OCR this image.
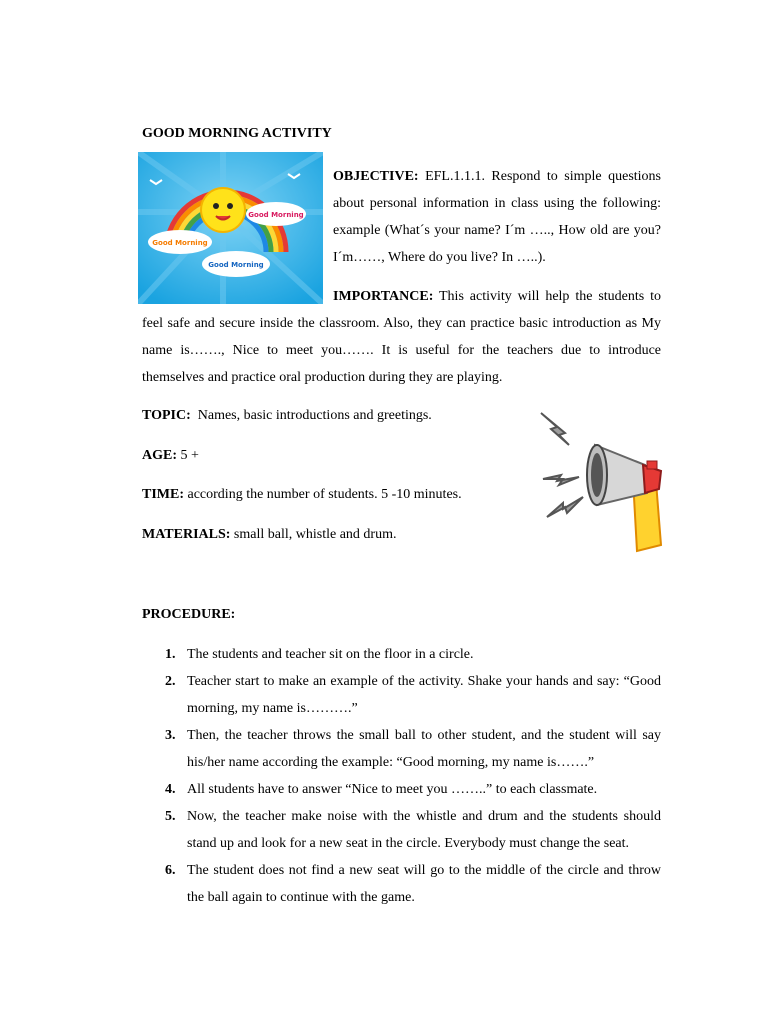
GOOD MORNING ACTIVITY
Good Morning
Good Morning
Good Morning
OBJECTIVE: EFL.1.1.1. Respond to simple questions about personal information in class using the following: example (What´s your name? I´m ….., How old are you? I´m……, Where do you live? In …..).
IMPORTANCE: This activity will help the students to feel safe and secure inside the classroom. Also, they can practice basic introduction as My name is……., Nice to meet you……. It is useful for the teachers due to introduce themselves and practice oral production during they are playing.
TOPIC:  Names, basic introductions and greetings.
AGE: 5 +
TIME: according the number of students. 5 -10 minutes.
MATERIALS: small ball, whistle and drum.
PROCEDURE:
1. The students and teacher sit on the floor in a circle.
2. Teacher start to make an example of the activity. Shake your hands and say: “Good morning, my name is……….”
3. Then, the teacher throws the small ball to other student, and the student will say his/her name according the example: “Good morning, my name is…….”
4. All students have to answer “Nice to meet you ……..” to each classmate.
5. Now, the teacher make noise with the whistle and drum and the students should stand up and look for a new seat in the circle. Everybody must change the seat.
6. The student does not find a new seat will go to the middle of the circle and throw the ball again to continue with the game.
